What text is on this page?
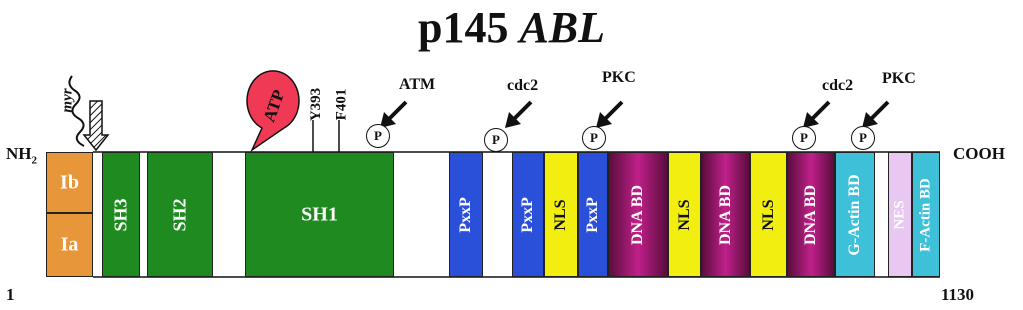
p145 ABL
myr	ATP Y393 F401
ATM	cdc2	PKC	cdc2 PKC
P	P	P	P	P
$NH_2$	COOH
1	1130
Ib
Ia
SH3 SH2	SH1	PxxP	PxxP NLS PxxP DNA BD NLS DNA BD NLS DNA BD G-Actin BD NES F-Actin BD
